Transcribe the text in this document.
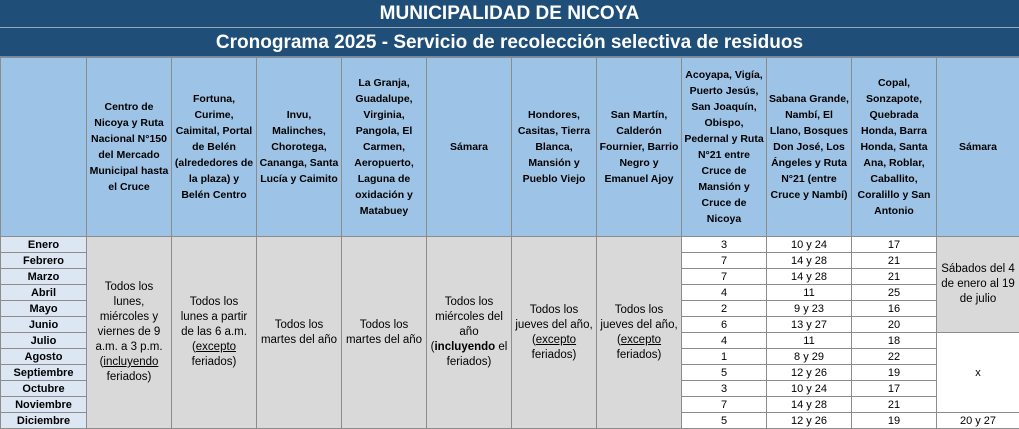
MUNICIPALIDAD DE NICOYA
Cronograma 2025 - Servicio de recolección selectiva de residuos
	Centro de Nicoya y Ruta Nacional N°150 del Mercado Municipal hasta el Cruce	Fortuna, Curime, Caimital, Portal de Belén (alrededores de la plaza) y Belén Centro	Invu, Malinches, Chorotega, Cananga, Santa Lucía y Caimito	La Granja, Guadalupe, Virginia, Pangola, El Carmen, Aeropuerto, Laguna de oxidación y Matabuey	Sámara	Hondores, Casitas, Tierra Blanca, Mansión y Pueblo Viejo	San Martín, Calderón Fournier, Barrio Negro y Emanuel Ajoy	Acoyapa, Vigía, Puerto Jesús, San Joaquín, Obispo, Pedernal y Ruta N°21 entre Cruce de Mansión y Cruce de Nicoya	Sabana Grande, Nambí, El Llano, Bosques Don José, Los Ángeles y Ruta N°21 (entre Cruce y Nambí)	Copal, Sonzapote, Quebrada Honda, Barra Honda, Santa Ana, Roblar, Caballito, Coralillo y San Antonio	Sámara
Enero	Todos los lunes, miércoles y viernes de 9 a.m. a 3 p.m. (incluyendo feriados)	Todos los lunes a partir de las 6 a.m. (excepto feriados)	Todos los martes del año	Todos los martes del año	Todos los miércoles del año (incluyendo el feriados)	Todos los jueves del año, (excepto feriados)	Todos los jueves del año, (excepto feriados)	3	10 y 24	17	Sábados del 4 de enero al 19 de julio
Febrero								7	14 y 28	21	
Marzo								7	14 y 28	21	
Abril								4	11	25	
Mayo								2	9 y 23	16	
Junio								6	13 y 27	20	
Julio								4	11	18	x
Agosto								1	8 y 29	22	
Septiembre								5	12 y 26	19	
Octubre								3	10 y 24	17	
Noviembre								7	14 y 28	21	
Diciembre								5	12 y 26	19	20 y 27
